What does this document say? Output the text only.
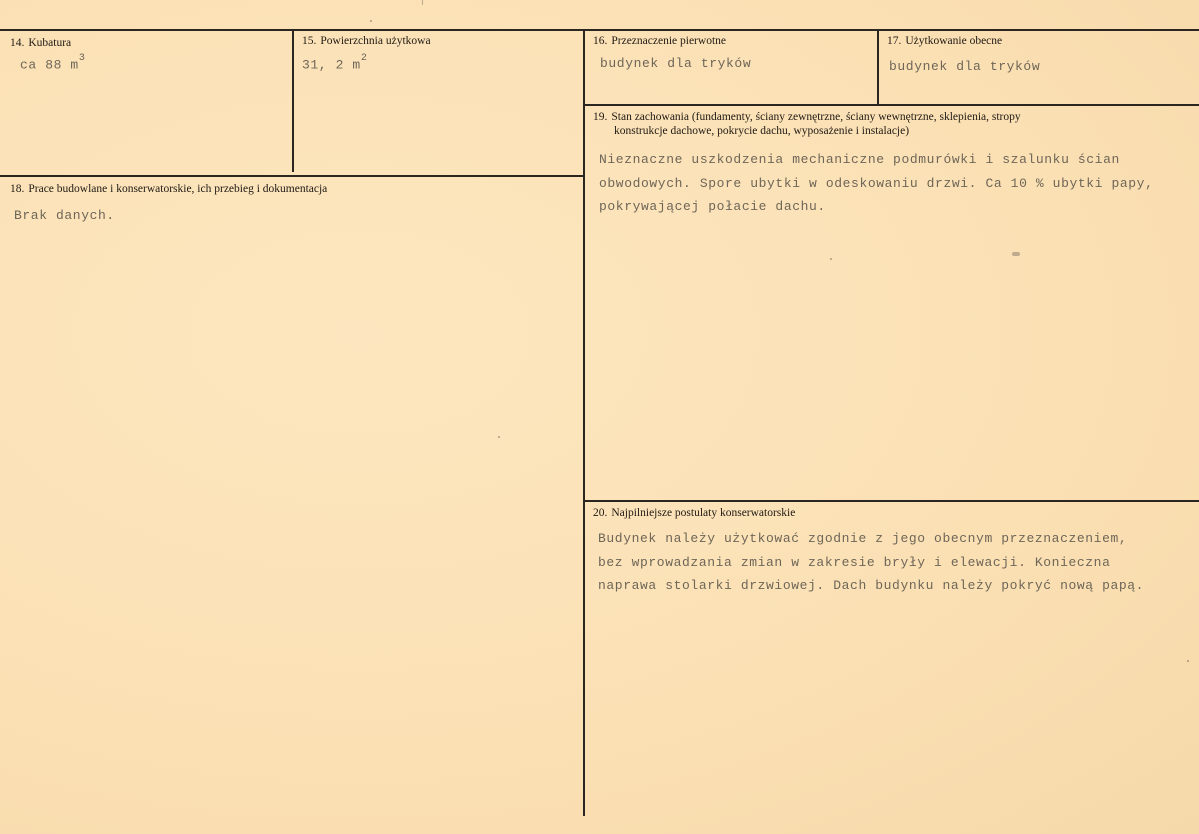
14. Kubatura
ca 88 $m^3$
15. Powierzchnia użytkowa
31, 2 $m^2$
16. Przeznaczenie pierwotne
budynek dla tryków
17. Użytkowanie obecne
budynek dla tryków
19. Stan zachowania (fundamenty, ściany zewnętrzne, ściany wewnętrzne, sklepienia, stropy
konstrukcje dachowe, pokrycie dachu, wyposażenie i instalacje)
Nieznaczne uszkodzenia mechaniczne podmurówki i szalunku ścian
obwodowych. Spore ubytki w odeskowaniu drzwi. Ca 10 % ubytki papy,
pokrywającej połacie dachu.
18. Prace budowlane i konserwatorskie, ich przebieg i dokumentacja
Brak danych.
20. Najpilniejsze postulaty konserwatorskie
Budynek należy użytkować zgodnie z jego obecnym przeznaczeniem,
bez wprowadzania zmian w zakresie bryły i elewacji. Konieczna
naprawa stolarki drzwiowej. Dach budynku należy pokryć nową papą.
